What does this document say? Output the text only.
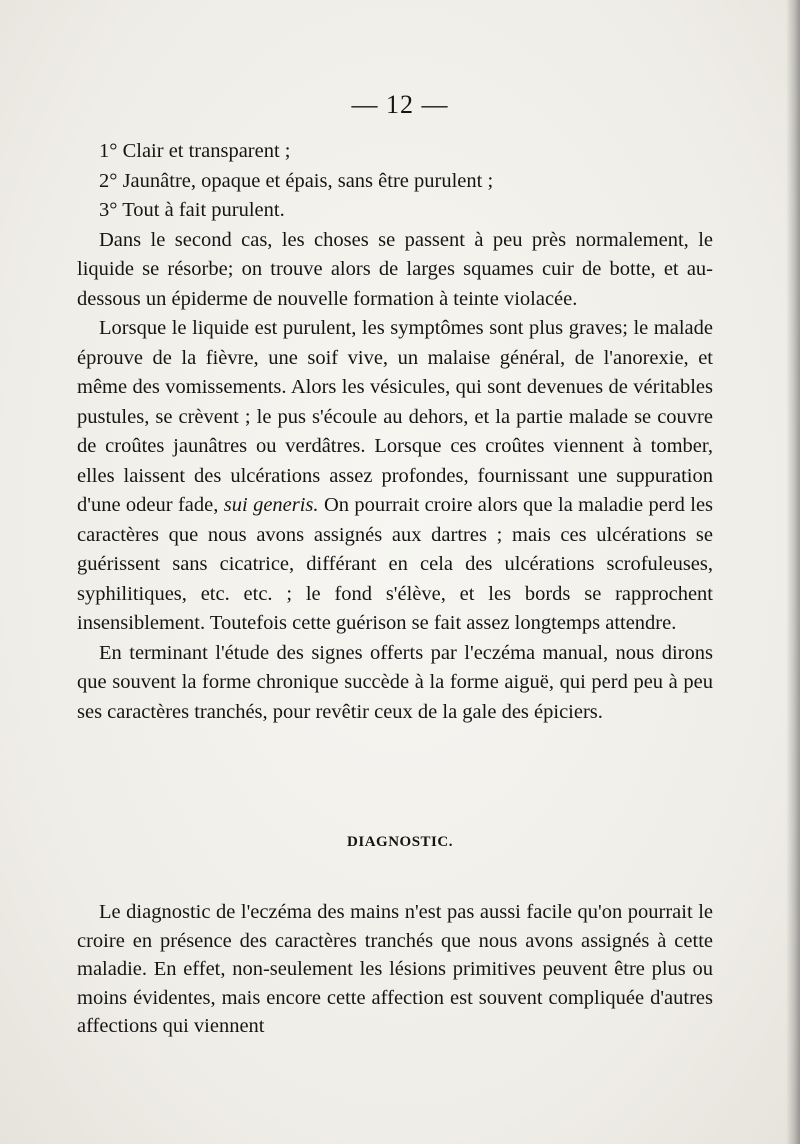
— 12 —

1° Clair et transparent ;

2° Jaunâtre, opaque et épais, sans être purulent ;

3° Tout à fait purulent.

Dans le second cas, les choses se passent à peu près normalement, le liquide se résorbe; on trouve alors de larges squames cuir de botte, et au-dessous un épiderme de nouvelle formation à teinte violacée.

Lorsque le liquide est purulent, les symptômes sont plus graves; le malade éprouve de la fièvre, une soif vive, un malaise général, de l'anorexie, et même des vomissements. Alors les vésicules, qui sont devenues de véritables pustules, se crèvent ; le pus s'écoule au dehors, et la partie malade se couvre de croûtes jaunâtres ou verdâtres. Lorsque ces croûtes viennent à tomber, elles laissent des ulcérations assez profondes, fournissant une suppuration d'une odeur fade, sui generis. On pourrait croire alors que la maladie perd les caractères que nous avons assignés aux dartres ; mais ces ulcérations se guérissent sans cicatrice, différant en cela des ulcérations scrofuleuses, syphilitiques, etc. etc. ; le fond s'élève, et les bords se rapprochent insensiblement. Toutefois cette guérison se fait assez longtemps attendre.

En terminant l'étude des signes offerts par l'eczéma manual, nous dirons que souvent la forme chronique succède à la forme aiguë, qui perd peu à peu ses caractères tranchés, pour revêtir ceux de la gale des épiciers.

DIAGNOSTIC.

Le diagnostic de l'eczéma des mains n'est pas aussi facile qu'on pourrait le croire en présence des caractères tranchés que nous avons assignés à cette maladie. En effet, non-seulement les lésions primitives peuvent être plus ou moins évidentes, mais encore cette affection est souvent compliquée d'autres affections qui viennent
